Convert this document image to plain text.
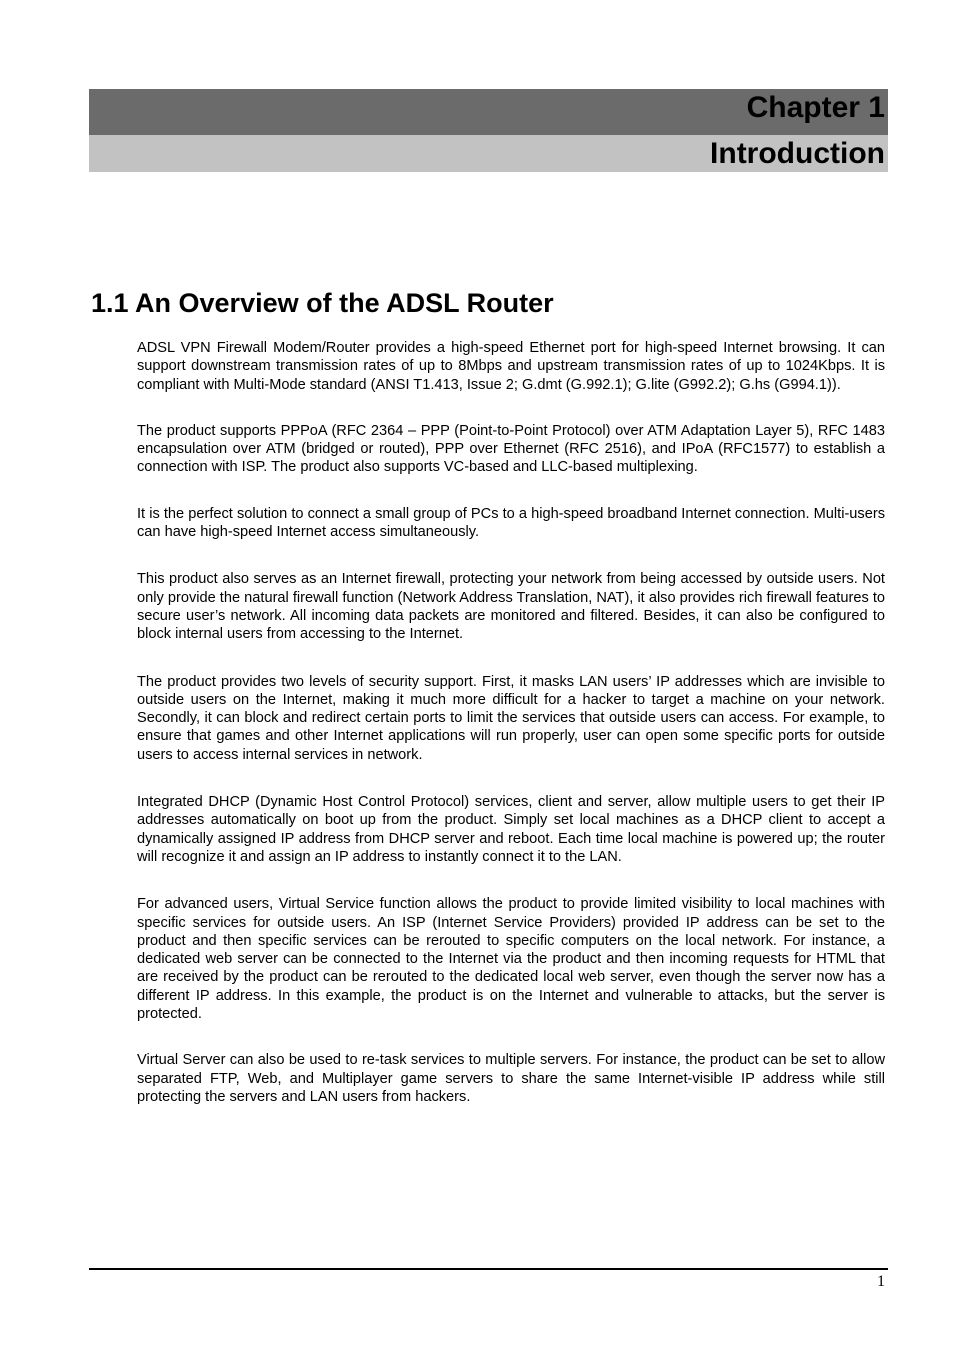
Chapter 1
Introduction
1.1 An Overview of the ADSL Router

ADSL VPN Firewall Modem/Router provides a high-speed Ethernet port for high-speed Internet browsing. It can support downstream transmission rates of up to 8Mbps and upstream transmission rates of up to 1024Kbps. It is compliant with Multi-Mode standard (ANSI T1.413, Issue 2; G.dmt (G.992.1); G.lite (G992.2); G.hs (G994.1)).

The product supports PPPoA (RFC 2364 – PPP (Point-to-Point Protocol) over ATM Adaptation Layer 5), RFC 1483 encapsulation over ATM (bridged or routed), PPP over Ethernet (RFC 2516), and IPoA (RFC1577) to establish a connection with ISP. The product also supports VC-based and LLC-based multiplexing.

It is the perfect solution to connect a small group of PCs to a high-speed broadband Internet connection. Multi-users can have high-speed Internet access simultaneously.

This product also serves as an Internet firewall, protecting your network from being accessed by outside users. Not only provide the natural firewall function (Network Address Translation, NAT), it also provides rich firewall features to secure user’s network. All incoming data packets are monitored and filtered. Besides, it can also be configured to block internal users from accessing to the Internet.

The product provides two levels of security support. First, it masks LAN users’ IP addresses which are invisible to outside users on the Internet, making it much more difficult for a hacker to target a machine on your network. Secondly, it can block and redirect certain ports to limit the services that outside users can access. For example, to ensure that games and other Internet applications will run properly, user can open some specific ports for outside users to access internal services in network.

Integrated DHCP (Dynamic Host Control Protocol) services, client and server, allow multiple users to get their IP addresses automatically on boot up from the product. Simply set local machines as a DHCP client to accept a dynamically assigned IP address from DHCP server and reboot. Each time local machine is powered up; the router will recognize it and assign an IP address to instantly connect it to the LAN.

For advanced users, Virtual Service function allows the product to provide limited visibility to local machines with specific services for outside users. An ISP (Internet Service Providers) provided IP address can be set to the product and then specific services can be rerouted to specific computers on the local network. For instance, a dedicated web server can be connected to the Internet via the product and then incoming requests for HTML that are received by the product can be rerouted to the dedicated local web server, even though the server now has a different IP address. In this example, the product is on the Internet and vulnerable to attacks, but the server is protected.

Virtual Server can also be used to re-task services to multiple servers. For instance, the product can be set to allow separated FTP, Web, and Multiplayer game servers to share the same Internet-visible IP address while still protecting the servers and LAN users from hackers.

1
